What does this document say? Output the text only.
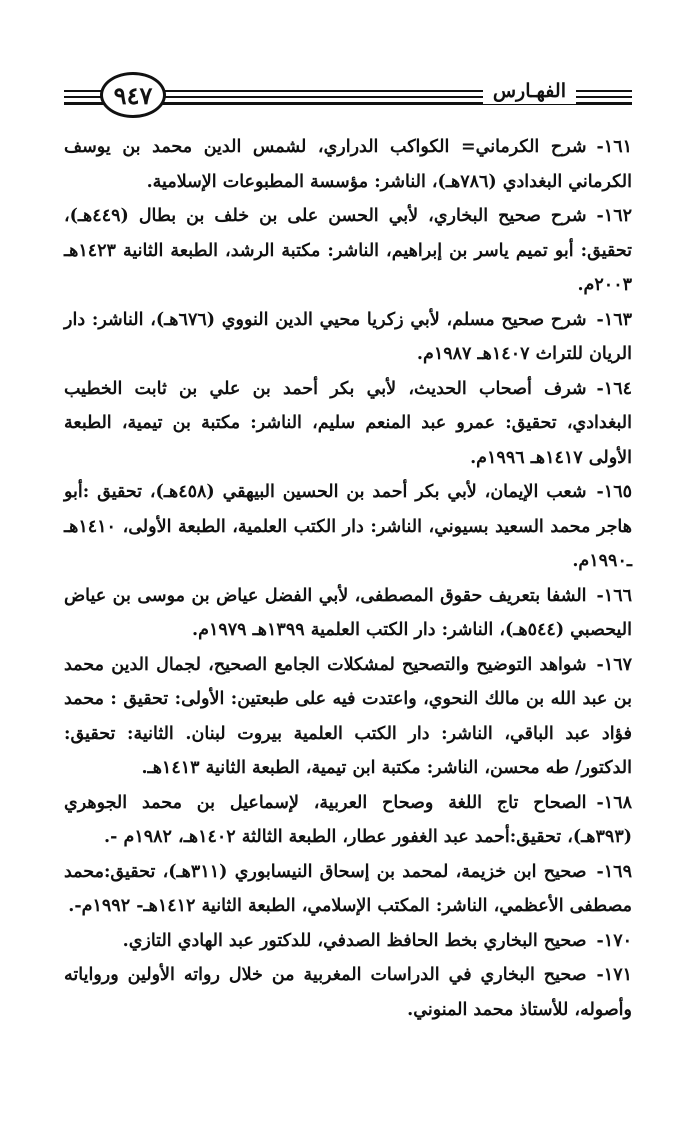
الفهـارس
٩٤٧

١٦١-شرح الكرماني= الكواكب الدراري، لشمس الدين محمد بن يوسف الكرماني البغدادي (٧٨٦هـ)، الناشر: مؤسسة المطبوعات الإسلامية.

١٦٢-شرح صحيح البخاري، لأبي الحسن على بن خلف بن بطال (٤٤٩هـ)، تحقيق: أبو تميم ياسر بن إبراهيم، الناشر: مكتبة الرشد، الطبعة الثانية ١٤٢٣هـ ٢٠٠٣م.

١٦٣-شرح صحيح مسلم، لأبي زكريا محيي الدين النووي (٦٧٦هـ)، الناشر: دار الريان للتراث ١٤٠٧هـ ١٩٨٧م.

١٦٤-شرف أصحاب الحديث، لأبي بكر أحمد بن علي بن ثابت الخطيب البغدادي، تحقيق: عمرو عبد المنعم سليم، الناشر: مكتبة بن تيمية، الطبعة الأولى ١٤١٧هـ ١٩٩٦م.

١٦٥-شعب الإيمان، لأبي بكر أحمد بن الحسين البيهقي (٤٥٨هـ)، تحقيق :أبو هاجر محمد السعيد بسيوني، الناشر: دار الكتب العلمية، الطبعة الأولى، ١٤١٠هـ ـ١٩٩٠م.

١٦٦-الشفا بتعريف حقوق المصطفى، لأبي الفضل عياض بن موسى بن عياض اليحصبي (٥٤٤هـ)، الناشر: دار الكتب العلمية ١٣٩٩هـ ١٩٧٩م.

١٦٧-شواهد التوضيح والتصحيح لمشكلات الجامع الصحيح، لجمال الدين محمد بن عبد الله بن مالك النحوي، واعتدت فيه على طبعتين: الأولى: تحقيق : محمد فؤاد عبد الباقي، الناشر: دار الكتب العلمية بيروت لبنان. الثانية: تحقيق: الدكتور/ طه محسن، الناشر: مكتبة ابن تيمية، الطبعة الثانية ١٤١٣هـ.

١٦٨-الصحاح تاج اللغة وصحاح العربية، لإسماعيل بن محمد الجوهري (٣٩٣هـ)، تحقيق:أحمد عبد الغفور عطار، الطبعة الثالثة ١٤٠٢هـ، ١٩٨٢م -.

١٦٩-صحيح ابن خزيمة، لمحمد بن إسحاق النيسابوري (٣١١هـ)، تحقيق:محمد مصطفى الأعظمي، الناشر: المكتب الإسلامي، الطبعة الثانية ١٤١٢هـ- ١٩٩٢م-.

١٧٠-صحيح البخاري بخط الحافظ الصدفي، للدكتور عبد الهادي التازي.

١٧١-صحيح البخاري في الدراسات المغربية من خلال رواته الأولين ورواياته وأصوله، للأستاذ محمد المنوني.
